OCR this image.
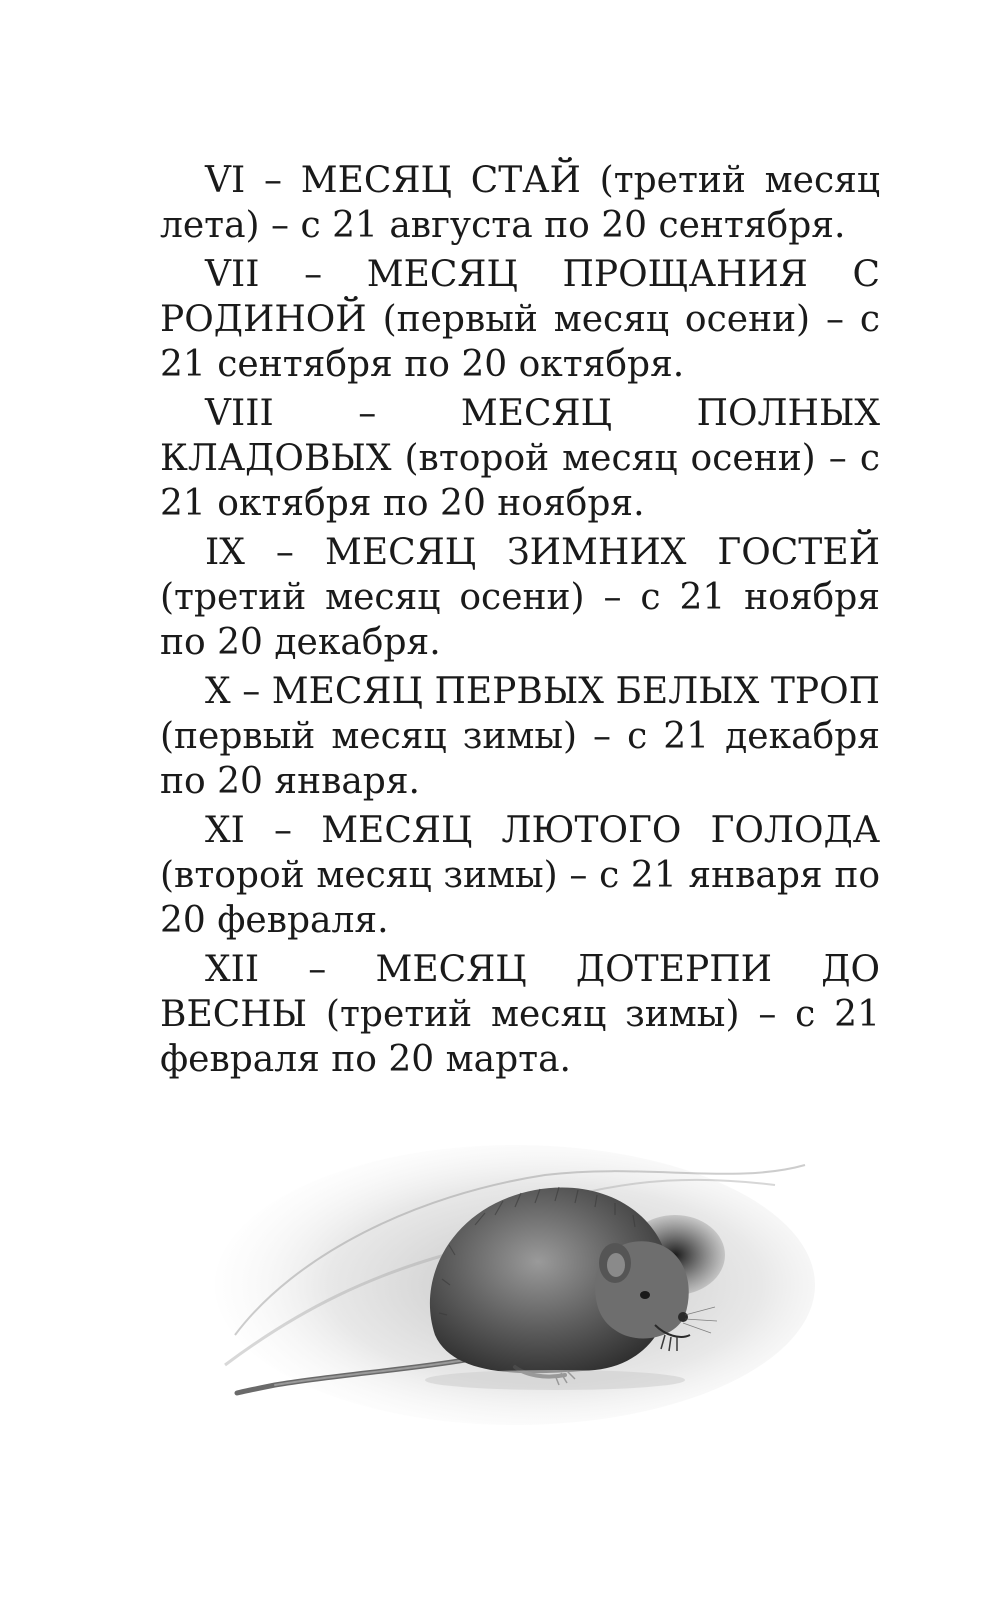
VI – МЕСЯЦ СТАЙ (третий месяц лета) – с 21 августа по 20 сентября.

VII – МЕСЯЦ ПРОЩАНИЯ С РОДИНОЙ (первый месяц осени) – с 21 сентября по 20 октября.

VIII – МЕСЯЦ ПОЛНЫХ КЛАДОВЫХ (второй месяц осени) – с 21 октября по 20 ноября.

IX – МЕСЯЦ ЗИМНИХ ГОСТЕЙ (третий месяц осени) – с 21 ноября по 20 декабря.

X – МЕСЯЦ ПЕРВЫХ БЕЛЫХ ТРОП (первый месяц зимы) – с 21 декабря по 20 января.

XI – МЕСЯЦ ЛЮТОГО ГОЛОДА (второй месяц зимы) – с 21 января по 20 февраля.

XII – МЕСЯЦ ДОТЕРПИ ДО ВЕСНЫ (третий месяц зимы) – с 21 февраля по 20 марта.
